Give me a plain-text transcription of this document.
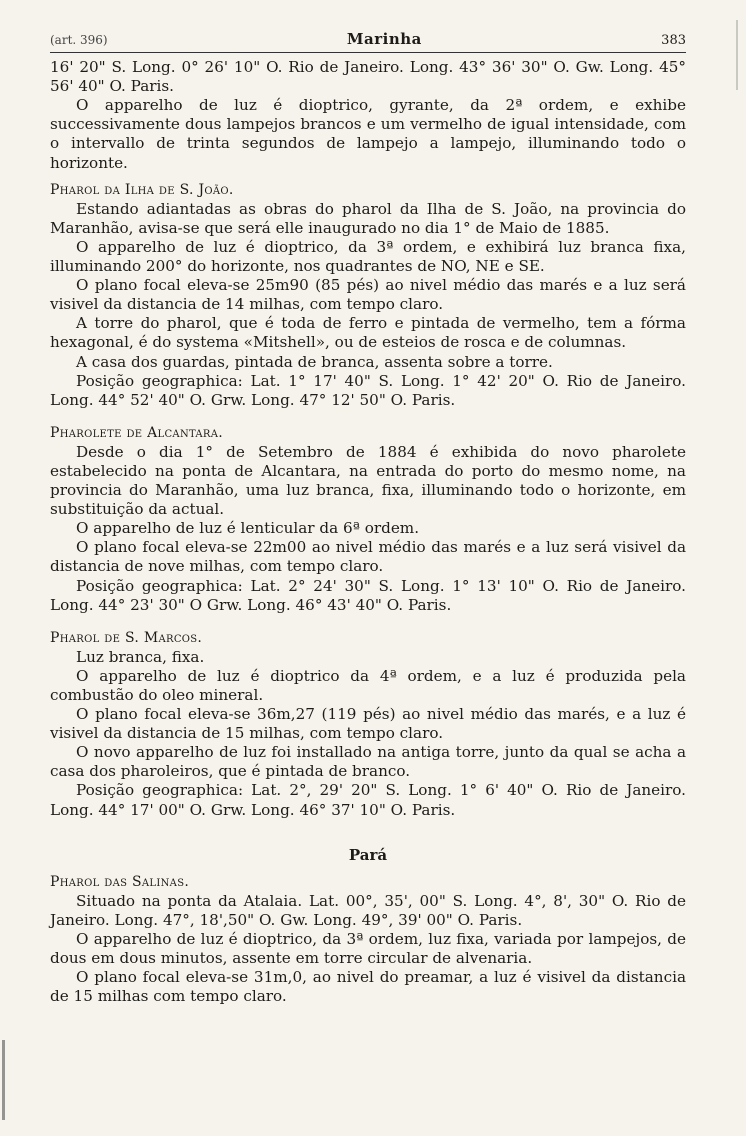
(art. 396)	Marinha	383

16' 20" S. Long. 0° 26' 10" O. Rio de Janeiro. Long. 43° 36' 30" O. Gw. Long. 45° 56' 40" O. Paris.

O apparelho de luz é dioptrico, gyrante, da 2ª ordem, e exhibe successivamente dous lampejos brancos e um vermelho de igual intensidade, com o intervallo de trinta segundos de lampejo a lampejo, illuminando todo o horizonte.

Pharol da Ilha de S. João.

Estando adiantadas as obras do pharol da Ilha de S. João, na provincia do Maranhão, avisa-se que será elle inaugurado no dia 1° de Maio de 1885.

O apparelho de luz é dioptrico, da 3ª ordem, e exhibirá luz branca fixa, illuminando 200° do horizonte, nos quadrantes de NO, NE e SE.

O plano focal eleva-se 25m90 (85 pés) ao nivel médio das marés e a luz será visivel da distancia de 14 milhas, com tempo claro.

A torre do pharol, que é toda de ferro e pintada de vermelho, tem a fórma hexagonal, é do systema «Mitshell», ou de esteios de rosca e de columnas.

A casa dos guardas, pintada de branca, assenta sobre a torre.

Posição geographica: Lat. 1° 17' 40" S. Long. 1° 42' 20" O. Rio de Janeiro. Long. 44° 52' 40" O. Grw. Long. 47° 12' 50" O. Paris.

Pharolete de Alcantara.

Desde o dia 1° de Setembro de 1884 é exhibida do novo pharolete estabelecido na ponta de Alcantara, na entrada do porto do mesmo nome, na provincia do Maranhão, uma luz branca, fixa, illuminando todo o horizonte, em substituição da actual.

O apparelho de luz é lenticular da 6ª ordem.

O plano focal eleva-se 22m00 ao nivel médio das marés e a luz será visivel da distancia de nove milhas, com tempo claro.

Posição geographica: Lat. 2° 24' 30" S. Long. 1° 13' 10" O. Rio de Janeiro. Long. 44° 23' 30" O Grw. Long. 46° 43' 40" O. Paris.

Pharol de S. Marcos.

Luz branca, fixa.

O apparelho de luz é dioptrico da 4ª ordem, e a luz é produzida pela combustão do oleo mineral.

O plano focal eleva-se 36m,27 (119 pés) ao nivel médio das marés, e a luz é visivel da distancia de 15 milhas, com tempo claro.

O novo apparelho de luz foi installado na antiga torre, junto da qual se acha a casa dos pharoleiros, que é pintada de branco.

Posição geographica: Lat. 2°, 29' 20" S. Long. 1° 6' 40" O. Rio de Janeiro. Long. 44° 17' 00" O. Grw. Long. 46° 37' 10" O. Paris.

Pará
Pharol das Salinas.

Situado na ponta da Atalaia. Lat. 00°, 35', 00" S. Long. 4°, 8', 30" O. Rio de Janeiro. Long. 47°, 18',50" O. Gw. Long. 49°, 39' 00" O. Paris.

O apparelho de luz é dioptrico, da 3ª ordem, luz fixa, variada por lampejos, de dous em dous minutos, assente em torre circular de alvenaria.

O plano focal eleva-se 31m,0, ao nivel do preamar, a luz é visivel da distancia de 15 milhas com tempo claro.
